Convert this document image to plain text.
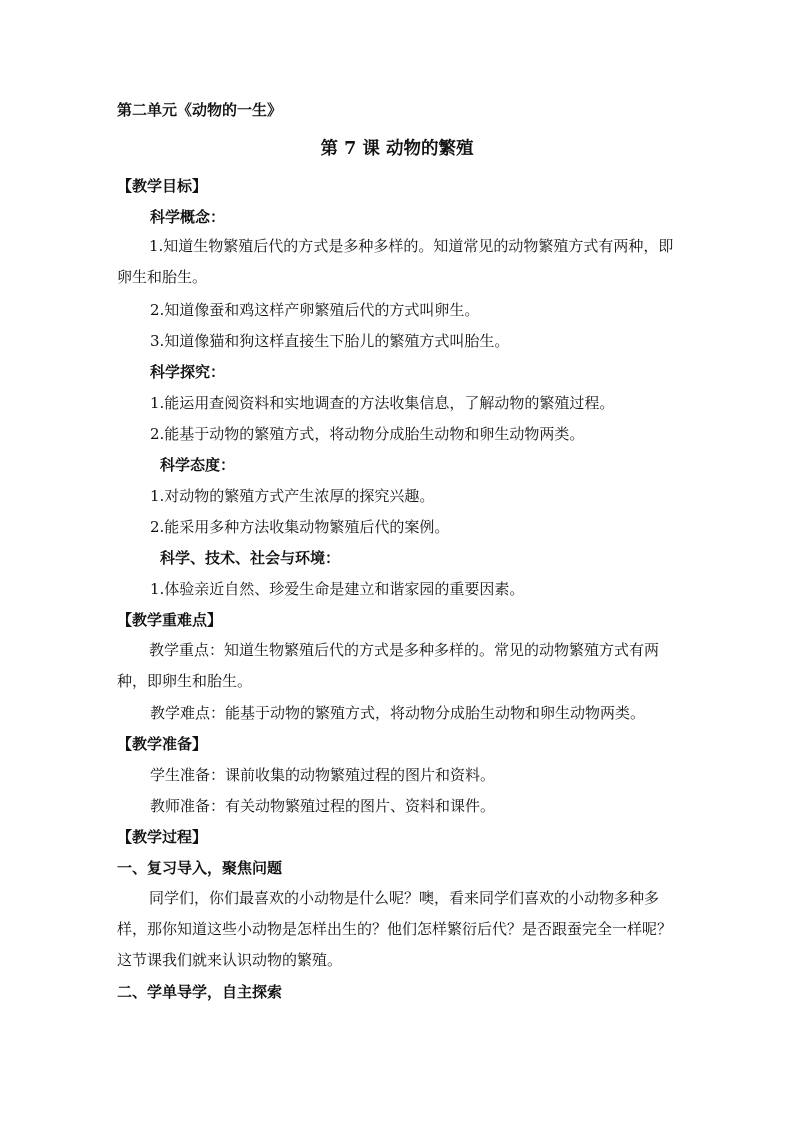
第二单元《动物的一生》
第 7 课 动物的繁殖
【教学目标】
科学概念：
1.知道生物繁殖后代的方式是多种多样的。知道常见的动物繁殖方式有两种，即卵生和胎生。
2.知道像蚕和鸡这样产卵繁殖后代的方式叫卵生。
3.知道像猫和狗这样直接生下胎儿的繁殖方式叫胎生。
科学探究：
1.能运用查阅资料和实地调查的方法收集信息，了解动物的繁殖过程。
2.能基于动物的繁殖方式，将动物分成胎生动物和卵生动物两类。
科学态度：
1.对动物的繁殖方式产生浓厚的探究兴趣。
2.能采用多种方法收集动物繁殖后代的案例。
科学、技术、社会与环境：
1.体验亲近自然、珍爱生命是建立和谐家园的重要因素。
【教学重难点】
教学重点：知道生物繁殖后代的方式是多种多样的。常见的动物繁殖方式有两种，即卵生和胎生。
教学难点：能基于动物的繁殖方式，将动物分成胎生动物和卵生动物两类。
【教学准备】
学生准备：课前收集的动物繁殖过程的图片和资料。
教师准备：有关动物繁殖过程的图片、资料和课件。
【教学过程】
一、复习导入，聚焦问题
同学们，你们最喜欢的小动物是什么呢？噢，看来同学们喜欢的小动物多种多样，那你知道这些小动物是怎样出生的？他们怎样繁衍后代？是否跟蚕完全一样呢？这节课我们就来认识动物的繁殖。
二、学单导学，自主探索
